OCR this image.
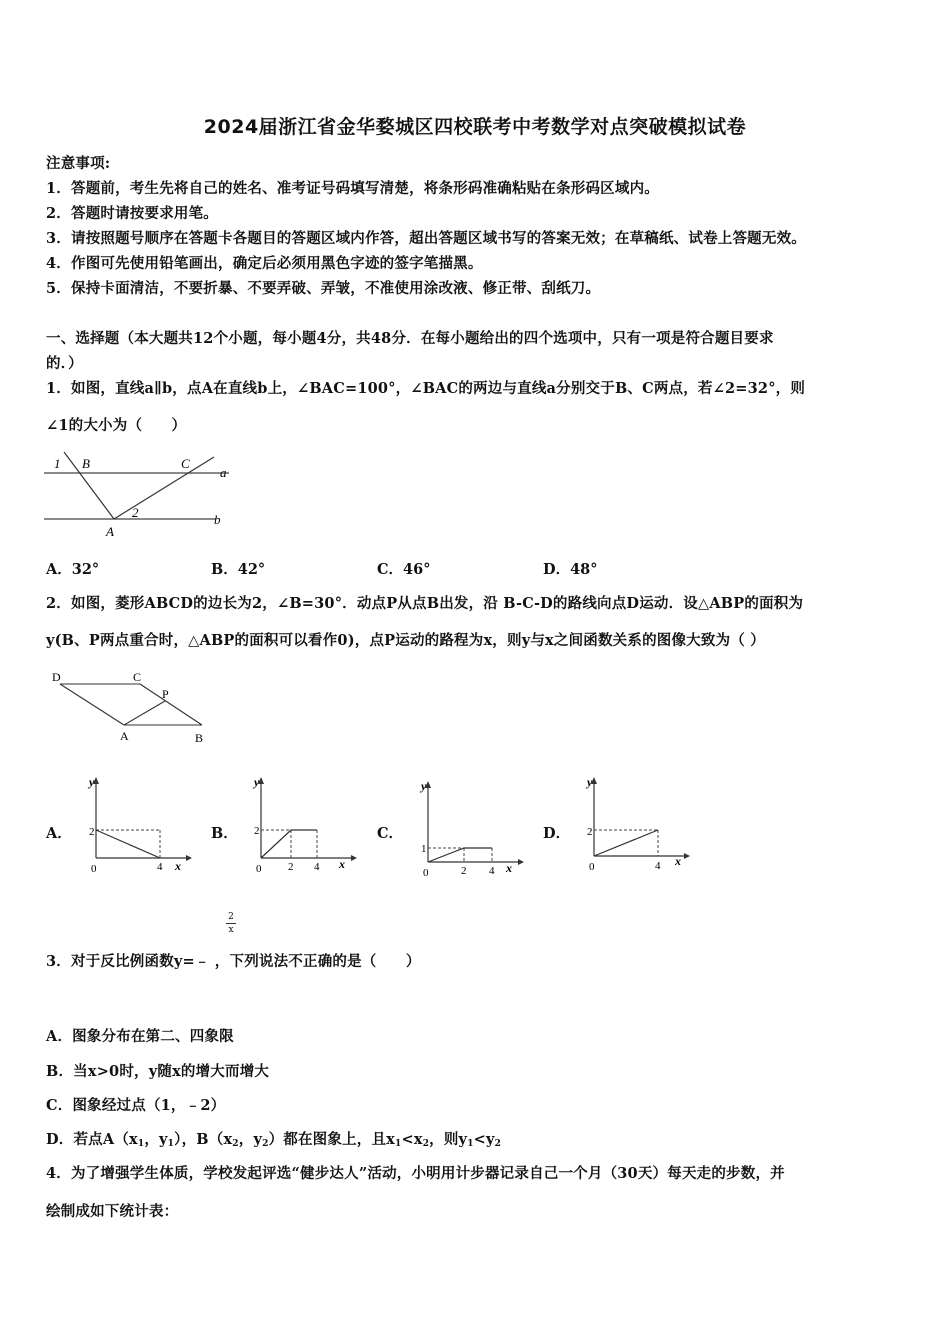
2024届浙江省金华婺城区四校联考中考数学对点突破模拟试卷
注意事项:
1．答题前，考生先将自己的姓名、准考证号码填写清楚，将条形码准确粘贴在条形码区域内。
2．答题时请按要求用笔。
3．请按照题号顺序在答题卡各题目的答题区域内作答，超出答题区域书写的答案无效；在草稿纸、试卷上答题无效。
4．作图可先使用铅笔画出，确定后必须用黑色字迹的签字笔描黑。
5．保持卡面清洁，不要折暴、不要弄破、弄皱，不准使用涂改液、修正带、刮纸刀。
一、选择题（本大题共12个小题，每小题4分，共48分．在每小题给出的四个选项中，只有一项是符合题目要求
的．）
1．如图，直线a∥b，点A在直线b上，∠BAC=100°，∠BAC的两边与直线a分别交于B、C两点，若∠2=32°，则
∠1的大小为（　　）
1 B	C
a
2
A
b
A．32°	B．42°	C．46°	D．48°
2．如图，菱形ABCD的边长为2，∠B=30°．动点P从点B出发，沿 B-C-D的路线向点D运动．设△ABP的面积为
y(B、P两点重合时，△ABP的面积可以看作0)，点P运动的路程为x，则y与x之间函数关系的图像大致为（ ）
D	C
P
A	B
A．	B．	C．	D．
y
2
0	4 x
y
2
0 2 4 x
y
1
0	2 4 x
y
2
0	4 x
2
x
3．对于反比例函数y=﹣ ，下列说法不正确的是（　　）
A．图象分布在第二、四象限
B．当x>0时，y随x的增大而增大
C．图象经过点（1，﹣2）
D．若点$A(x_1$，$y_1$），$B(x_2$，$y_2$）都在图象上，且$x_1<x_2$，则$y_1<y_2$
4．为了增强学生体质，学校发起评选“健步达人”活动，小明用计步器记录自己一个月（30天）每天走的步数，并
绘制成如下统计表：
